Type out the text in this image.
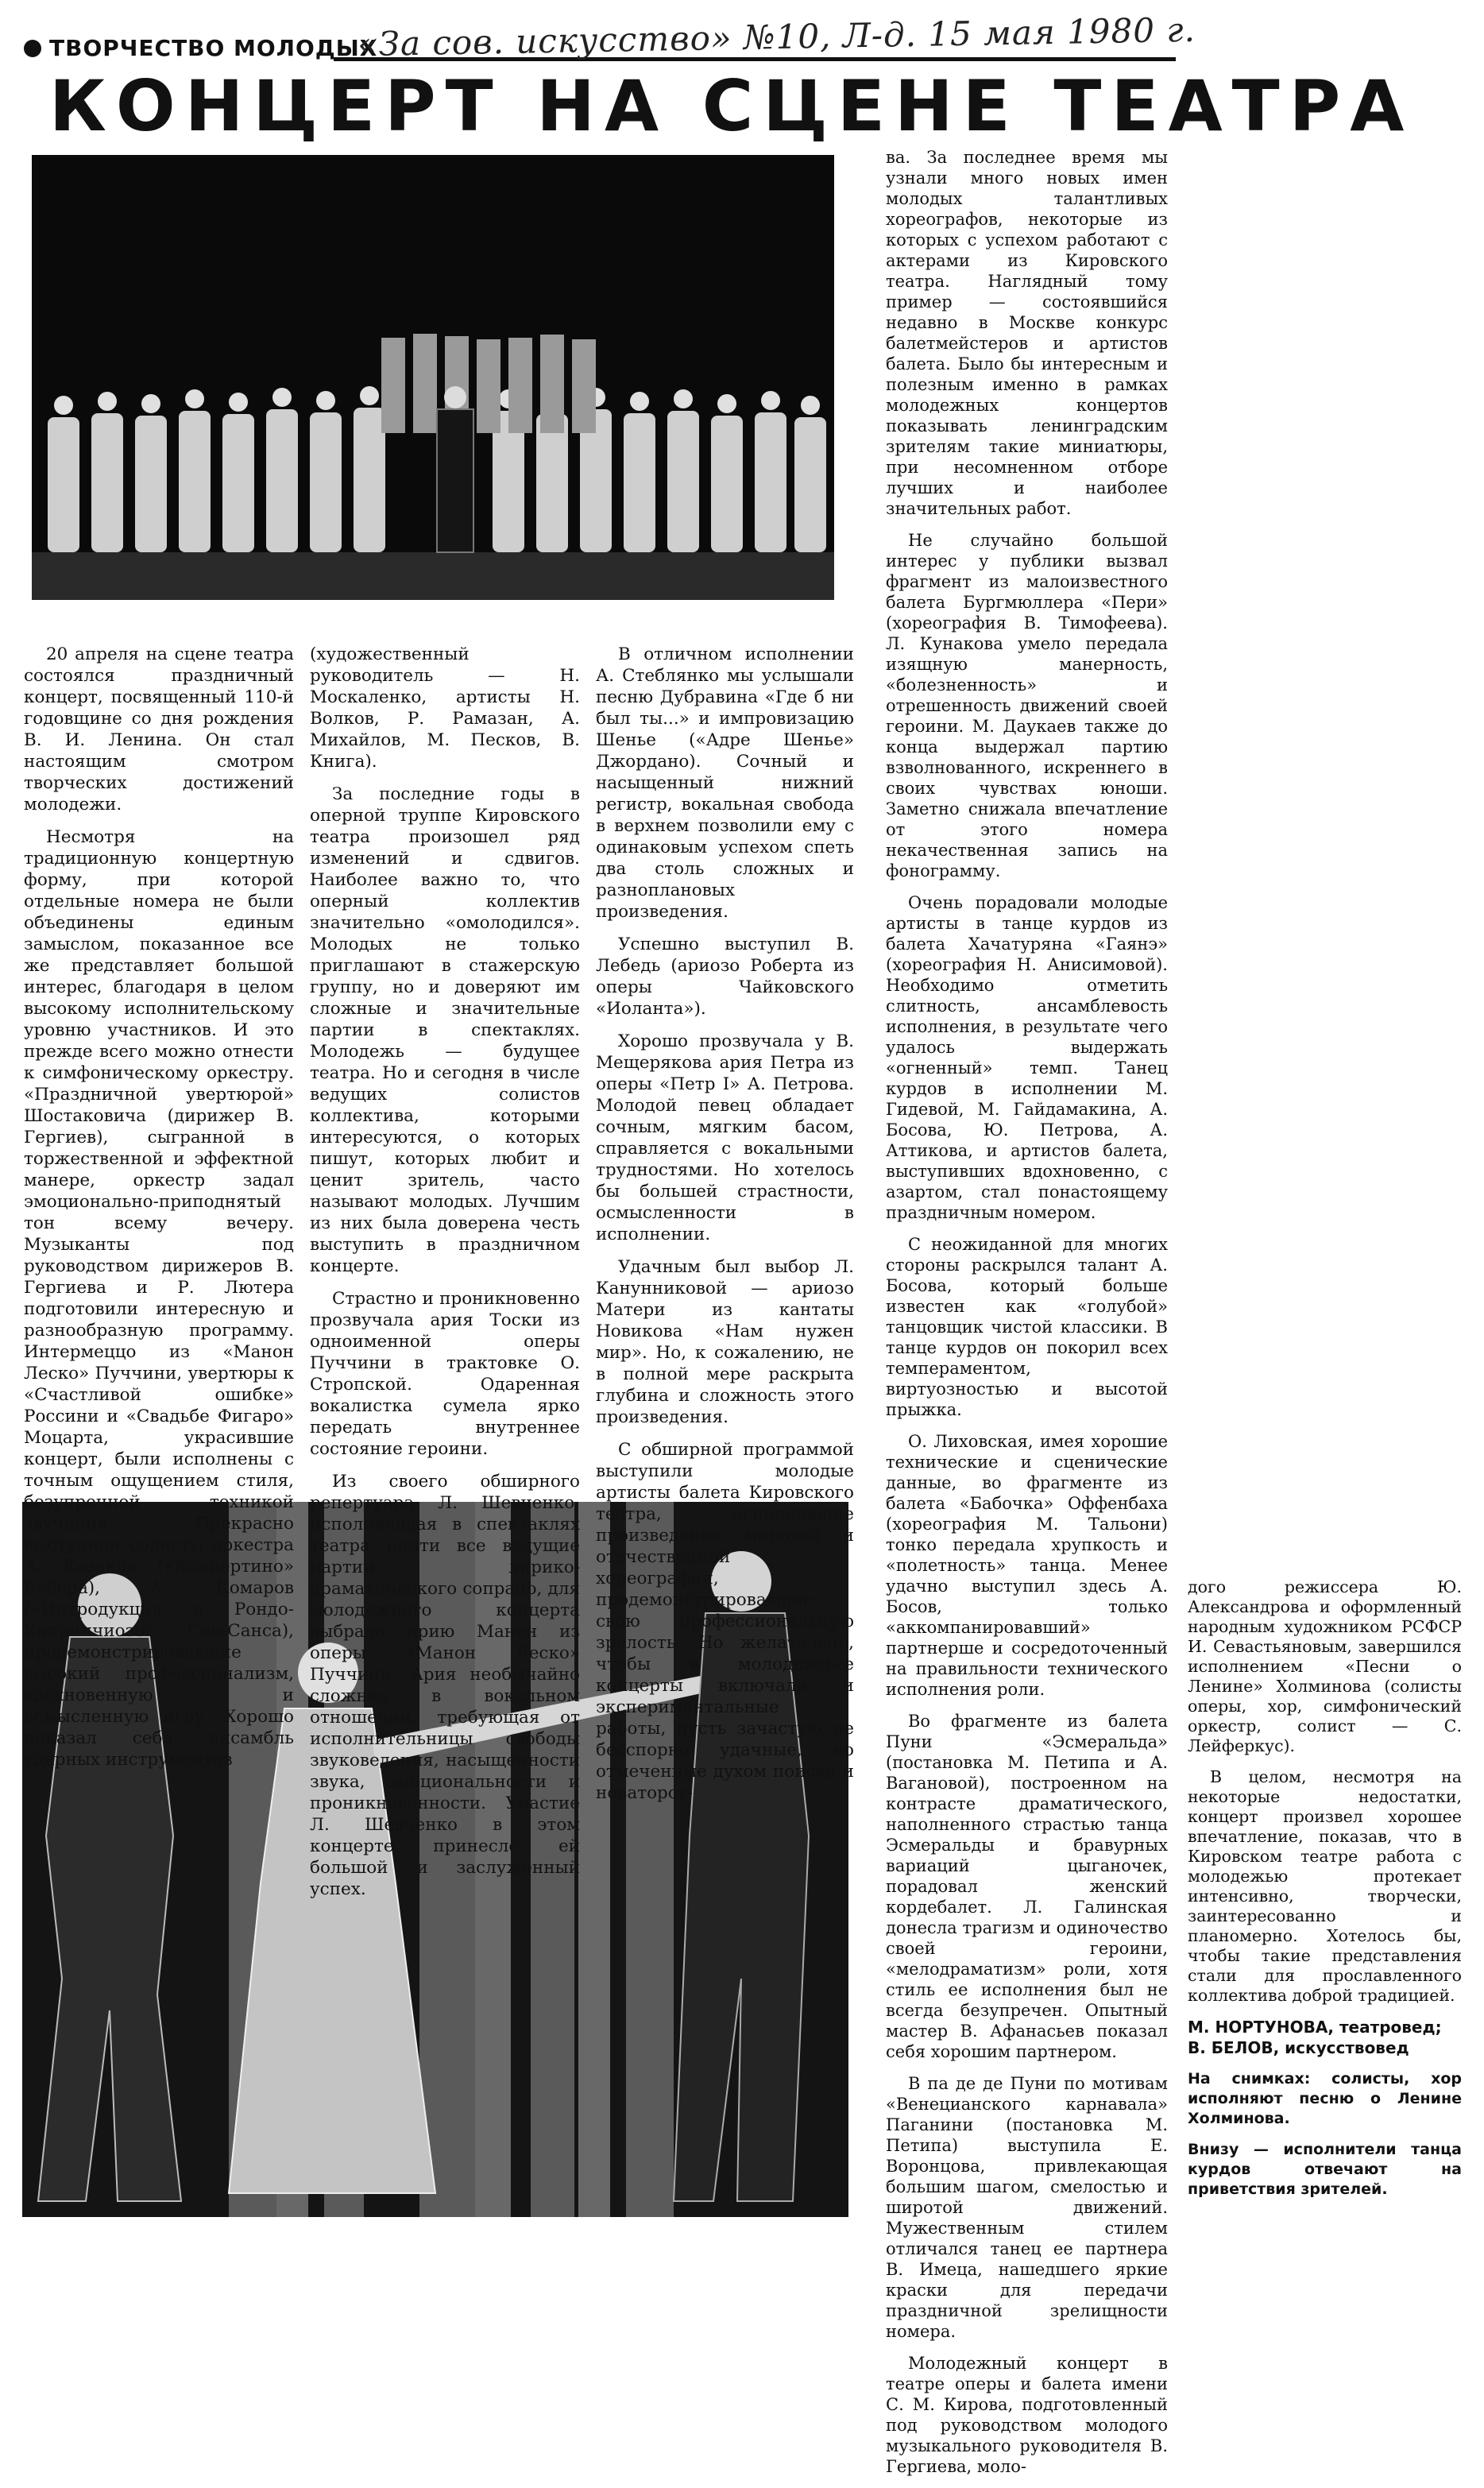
ТВОРЧЕСТВО МОЛОДЫХ
«За сов. искусство» №10, Л-д. 15 мая 1980 г.
КОНЦЕРТ НА СЦЕНЕ ТЕАТРА

20 апреля на сцене театра состоялся праздничный концерт, посвященный 110-й годовщине со дня рождения В. И. Ленина. Он стал настоящим смотром творческих достижений молодежи.

Несмотря на традиционную концертную форму, при которой отдельные номера не были объединены единым замыслом, показанное все же представляет большой интерес, благодаря в целом высокому исполнительскому уровню участников. И это прежде всего можно отнести к симфоническому оркестру. «Праздничной увертюрой» Шостаковича (дирижер В. Гергиев), сыгранной в торжественной и эффектной манере, оркестр задал эмоционально-приподнятый тон всему вечеру. Музыканты под руководством дирижеров В. Гергиева и Р. Лютера подготовили интересную и разнообразную программу. Интермеццо из «Манон Леско» Пуччини, увертюры к «Счастливой ошибке» Россини и «Свадьбе Фигаро» Моцарта, украсившие концерт, были исполнены с точным ощущением стиля, безупречной техникой звучания. Прекрасно выступили солисты оркестра А. Казаков («Концертино» Вебера), А. Комаров («Интродукция и Рондо-Каприччиозо» Сен-Санса), продемонстрировавшие высокий профессионализм, вдохновенную и осмысленную игру. Хорошо показал себя ансамбль ударных инструментов

(художественный руководитель — Н. Москаленко, артисты Н. Волков, Р. Рамазан, А. Михайлов, М. Песков, В. Книга).

За последние годы в оперной труппе Кировского театра произошел ряд изменений и сдвигов. Наиболее важно то, что оперный коллектив значительно «омолодился». Молодых не только приглашают в стажерскую группу, но и доверяют им сложные и значительные партии в спектаклях. Молодежь — будущее театра. Но и сегодня в числе ведущих солистов коллектива, которыми интересуются, о которых пишут, которых любит и ценит зритель, часто называют молодых. Лучшим из них была доверена честь выступить в праздничном концерте.

Страстно и проникновенно прозвучала ария Тоски из одноименной оперы Пуччини в трактовке О. Стропской. Одаренная вокалистка сумела ярко передать внутреннее состояние героини.

Из своего обширного репертуара Л. Шевченко, исполняющая в спектаклях театра почти все ведущие партии лирико-драматического сопрано, для молодежного концерта выбрала арию Манон из оперы «Манон Леско» Пуччини. Ария необычайно сложная в вокальном отношении, требующая от исполнительницы свободы звуковедения, насыщенности звука, эмоциональности и проникновенности. Участие Л. Шевченко в этом концерте принесло ей большой и заслуженный успех.

В отличном исполнении А. Стеблянко мы услышали песню Дубравина «Где б ни был ты...» и импровизацию Шенье («Адре Шенье» Джордано). Сочный и насыщенный нижний регистр, вокальная свобода в верхнем позволили ему с одинаковым успехом спеть два столь сложных и разноплановых произведения.

Успешно выступил В. Лебедь (ариозо Роберта из оперы Чайковского «Иоланта»).

Хорошо прозвучала у В. Мещерякова ария Петра из оперы «Петр I» А. Петрова. Молодой певец обладает сочным, мягким басом, справляется с вокальными трудностями. Но хотелось бы большей страстности, осмысленности в исполнении.

Удачным был выбор Л. Канунниковой — ариозо Матери из кантаты Новикова «Нам нужен мир». Но, к сожалению, не в полной мере раскрыта глубина и сложность этого произведения.

С обширной программой выступили молодые артисты балета Кировского театра, исполнявшие произведения мировой и отечественной хореографии, продемонстрировавшие свою профессиональную зрелость. Но желательно, чтобы в молодежные концерты включали и экспериментальные работы, пусть зачастую не бесспорно удачные, но отмеченные духом поиска и новаторст-

ва. За последнее время мы узнали много новых имен молодых талантливых хореографов, некоторые из которых с успехом работают с актерами из Кировского театра. Наглядный тому пример — состоявшийся недавно в Москве конкурс балетмейстеров и артистов балета. Было бы интересным и полезным именно в рамках молодежных концертов показывать ленинградским зрителям такие миниатюры, при несомненном отборе лучших и наиболее значительных работ.

Не случайно большой интерес у публики вызвал фрагмент из малоизвестного балета Бургмюллера «Пери» (хореография В. Тимофеева). Л. Кунакова умело передала изящную манерность, «болезненность» и отрешенность движений своей героини. М. Даукаев также до конца выдержал партию взволнованного, искреннего в своих чувствах юноши. Заметно снижала впечатление от этого номера некачественная запись на фонограмму.

Очень порадовали молодые артисты в танце курдов из балета Хачатуряна «Гаянэ» (хореография Н. Анисимовой). Необходимо отметить слитность, ансамблевость исполнения, в результате чего удалось выдержать «огненный» темп. Танец курдов в исполнении М. Гидевой, М. Гайдамакина, А. Босова, Ю. Петрова, А. Аттикова, и артистов балета, выступивших вдохновенно, с азартом, стал понастоящему праздничным номером.

С неожиданной для многих стороны раскрылся талант А. Босова, который больше известен как «голубой» танцовщик чистой классики. В танце курдов он покорил всех темпераментом, виртуозностью и высотой прыжка.

О. Лиховская, имея хорошие технические и сценические данные, во фрагменте из балета «Бабочка» Оффенбаха (хореография М. Тальони) тонко передала хрупкость и «полетность» танца. Менее удачно выступил здесь А. Босов, только «аккомпанировавший» партнерше и сосредоточенный на правильности технического исполнения роли.

Во фрагменте из балета Пуни «Эсмеральда» (постановка М. Петипа и А. Вагановой), построенном на контрасте драматического, наполненного страстью танца Эсмеральды и бравурных вариаций цыганочек, порадовал женский кордебалет. Л. Галинская донесла трагизм и одиночество своей героини, «мелодраматизм» роли, хотя стиль ее исполнения был не всегда безупречен. Опытный мастер В. Афанасьев показал себя хорошим партнером.

В па де де Пуни по мотивам «Венецианского карнавала» Паганини (постановка М. Петипа) выступила Е. Воронцова, привлекающая большим шагом, смелостью и широтой движений. Мужественным стилем отличался танец ее партнера В. Имеца, нашедшего яркие краски для передачи праздничной зрелищности номера.

Молодежный концерт в театре оперы и балета имени С. М. Кирова, подготовленный под руководством молодого музыкального руководителя В. Гергиева, моло-

дого режиссера Ю. Александрова и оформленный народным художником РСФСР И. Севастьяновым, завершился исполнением «Песни о Ленине» Холминова (солисты оперы, хор, симфонический оркестр, солист — С. Лейферкус).

В целом, несмотря на некоторые недостатки, концерт произвел хорошее впечатление, показав, что в Кировском театре работа с молодежью протекает интенсивно, творчески, заинтересованно и планомерно. Хотелось бы, чтобы такие представления стали для прославленного коллектива доброй традицией.

М. НОРТУНОВА, театровед;

В. БЕЛОВ, искусствовед

На снимках: солисты, хор исполняют песню о Ленине Холминова.

Внизу — исполнители танца курдов отвечают на приветствия зрителей.
